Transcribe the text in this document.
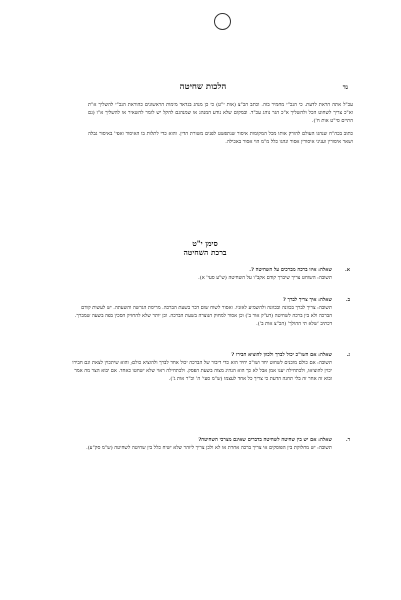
הלכות שחיטה	נד

עכ"ל אתה הראת לדעת. כי הנכ"י מחמיר בזה. וכתב הכ"צ (אות י"ט) כי כן מנהג בגדאד מימות הראשונים כהוראת הנכ"י להשליך א"ת וא"כ צריך לשחוט הכל ולהשליך א"כ הגר נוהג עכ"ד. ובמקום שלא נודע המנהג או שמנהגם להקל יש לומר להשאיר או להשליך א"ו (גם התיים סי"ט אות ח').

כתוב בכה"ח שנהגו העולם להורק אותו מכל המקומות איסור שנתפשט לפנים משורת הדין. והוא כדי לתלות בו האיסור ואפי' באיסור גבלה ושאר איסורין ועניני איסורין אסור ונהגו כלל מ"מ הוי אסור באכילה.

סימן י"ט
ברכת השחיטה
א.
שאלה: איזו ברכה מברכים על השחיטה ?.
תשובה: השוחט צריך שיברך קודם אקב"ו על השחיטה (ש"ע סעי' א).
ב.
שאלה: איך צריך לברך ?
תשובה: צריך לברך בכוונה ובכוונה ולהשמיע לאזניו. ואסור לשוח שום דבר בשעת הברכה. מריסת הגרשה והשעתה. יש לעשות קודם הברכה ולא בין ברכה לשחיטה (דע"ק אור ב') וכן אסור למחוק הנוצרה בשעת הברכה. וכן יותר שלא להחזיק הסכין בפה בשעה שמברך. דכתיב 'שלא תי ההולך' (הכ"צ אות ב').
ג.
שאלה: אם השו"כ יכול לברך ולכוון להוציא חבירו ?
תשובה: אם כולם מוכנים לשחוט יחד ושו"כ יחיד הוא כדי דיבור של הברכה יכול אחד לברך ולהוציא כולם; והוא שיתכוין לצאת וגם חבירו יכוין להוציאו, ולכתחילה יענו אמן אבל לא כך הוא הנהיג מצוה בשעת הפסק. ולכתחילה ראוי שלא ישחטו כאחד. אם יבוא הצר מה אמר ובוא זה אחר זה בלי תחנה הדעת כי צריך כל אחד לעצמו (ש"מ סעי' ה' וכ"ר אות ג').
ד.
שאלה: אם יש בין שחיטה לשחיטה בדברים שאינם מצרכי השחיטה?
תשובה: יש מחלוקת בין הפוסקים אי צריך ברכה אחרת או לא ולכן צריך ליזהר שלא ישיח כלל בין שחיטה לשחיטה (ש"מ סק"ע).
